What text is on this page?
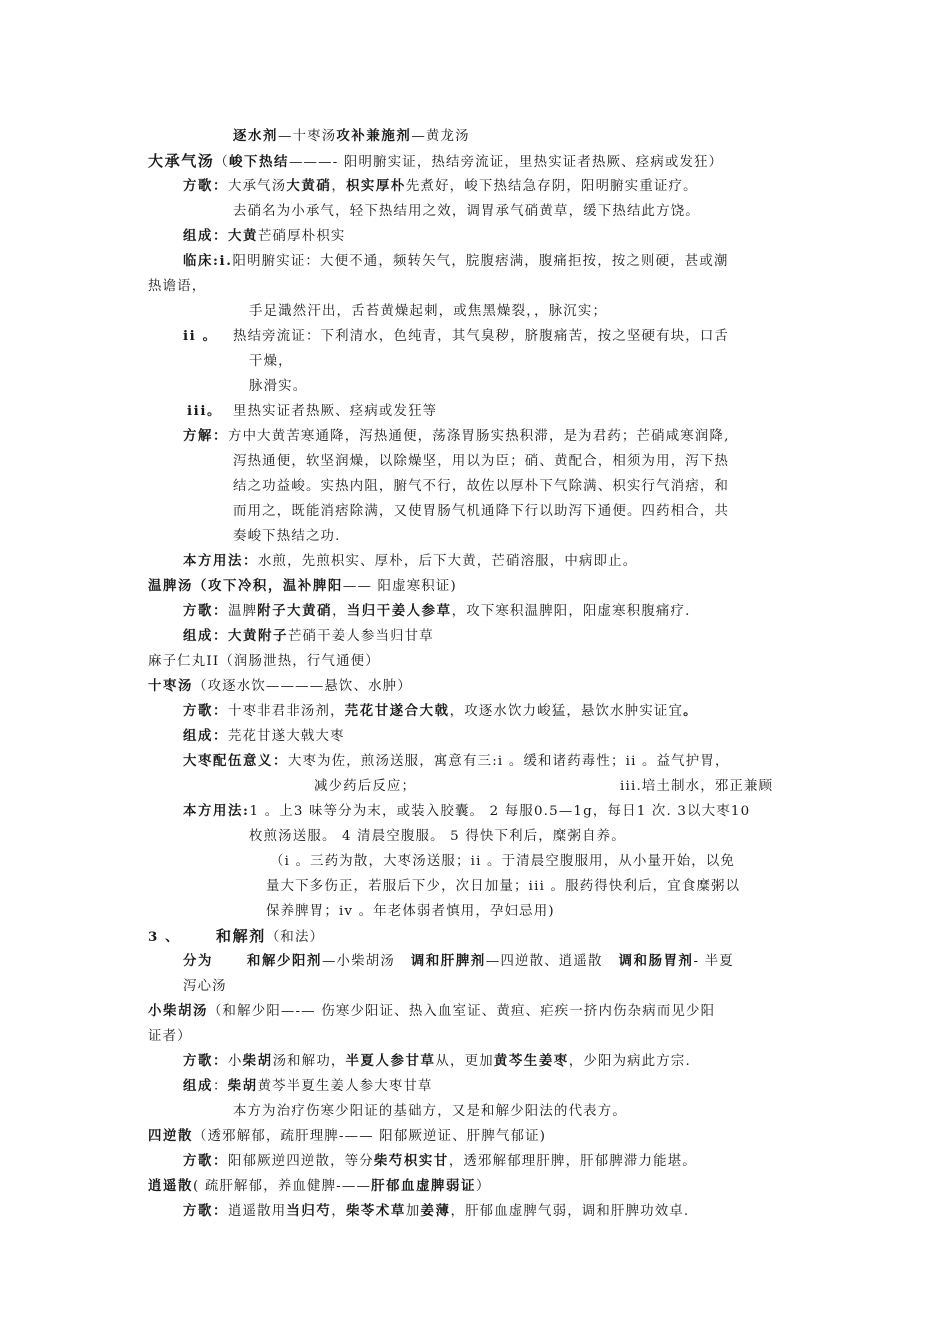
逐水剂—十枣汤攻补兼施剂—黄龙汤
大承气汤（峻下热结———- 阳明腑实证，热结旁流证，里热实证者热厥、痉病或发狂）
方歌：大承气汤大黄硝，枳实厚朴先煮好，峻下热结急存阴，阳明腑实重证疗。
去硝名为小承气，轻下热结用之效，调胃承气硝黄草，缓下热结此方饶。
组成：大黄芒硝厚朴枳实
临床:i.阳明腑实证：大便不通，频转矢气，脘腹痞满，腹痛拒按，按之则硬，甚或潮
热谵语，
手足濈然汗出，舌苔黄燥起刺，或焦黑燥裂，，脉沉实；
ii 。 热结旁流证：下利清水，色纯青，其气臭秽，脐腹痛苦，按之坚硬有块，口舌
干燥，
脉滑实。
iii。 里热实证者热厥、痉病或发狂等
方解：方中大黄苦寒通降，泻热通便，荡涤胃肠实热积滞，是为君药；芒硝咸寒润降,
泻热通便，软坚润燥，以除燥坚，用以为臣；硝、黄配合，相须为用，泻下热
结之功益峻。实热内阻，腑气不行，故佐以厚朴下气除满、枳实行气消痞，和
而用之，既能消痞除满，又使胃肠气机通降下行以助泻下通便。四药相合，共
奏峻下热结之功.
本方用法：水煎，先煎枳实、厚朴，后下大黄，芒硝溶服，中病即止。
温脾汤（攻下冷积，温补脾阳—— 阳虚寒积证)
方歌：温脾附子大黄硝，当归干姜人参草，攻下寒积温脾阳，阳虚寒积腹痛疗.
组成：大黄附子芒硝干姜人参当归甘草
麻子仁丸II（润肠泄热，行气通便）
十枣汤（攻逐水饮————悬饮、水肿）
方歌：十枣非君非汤剂，芫花甘遂合大戟，攻逐水饮力峻猛，悬饮水肿实证宜。
组成：芫花甘遂大戟大枣
大枣配伍意义：大枣为佐，煎汤送服，寓意有三:i 。缓和诸药毒性；ii 。益气护胃，
减少药后反应；	iii.培土制水，邪正兼顾
本方用法:1 。上3 味等分为末，或装入胶囊。 2 每服0.5—1g，每日1 次. 3以大枣10
枚煎汤送服。 4 清晨空腹服。 5 得快下利后，糜粥自养。
（i 。三药为散，大枣汤送服；ii 。于清晨空腹服用，从小量开始，以免
量大下多伤正，若服后下少，次日加量；iii 。服药得快利后，宜食糜粥以
保养脾胃；iv 。年老体弱者慎用，孕妇忌用)
3 、 和解剂（和法）
分为	和解少阳剂—小柴胡汤 调和肝脾剂—四逆散、逍遥散 调和肠胃剂- 半夏
泻心汤
小柴胡汤（和解少阳—-— 伤寒少阳证、热入血室证、黄疸、疟疾一挤内伤杂病而见少阳
证者）
方歌：小柴胡汤和解功，半夏人参甘草从，更加黄芩生姜枣，少阳为病此方宗.
组成：柴胡黄芩半夏生姜人参大枣甘草
本方为治疗伤寒少阳证的基础方，又是和解少阳法的代表方。
四逆散（透邪解郁，疏肝理脾-—— 阳郁厥逆证、肝脾气郁证)
方歌：阳郁厥逆四逆散，等分柴芍枳实甘，透邪解郁理肝脾，肝郁脾滞力能堪。
逍遥散( 疏肝解郁，养血健脾-——肝郁血虚脾弱证）
方歌：逍遥散用当归芍，柴苓术草加姜薄，肝郁血虚脾气弱，调和肝脾功效卓.
